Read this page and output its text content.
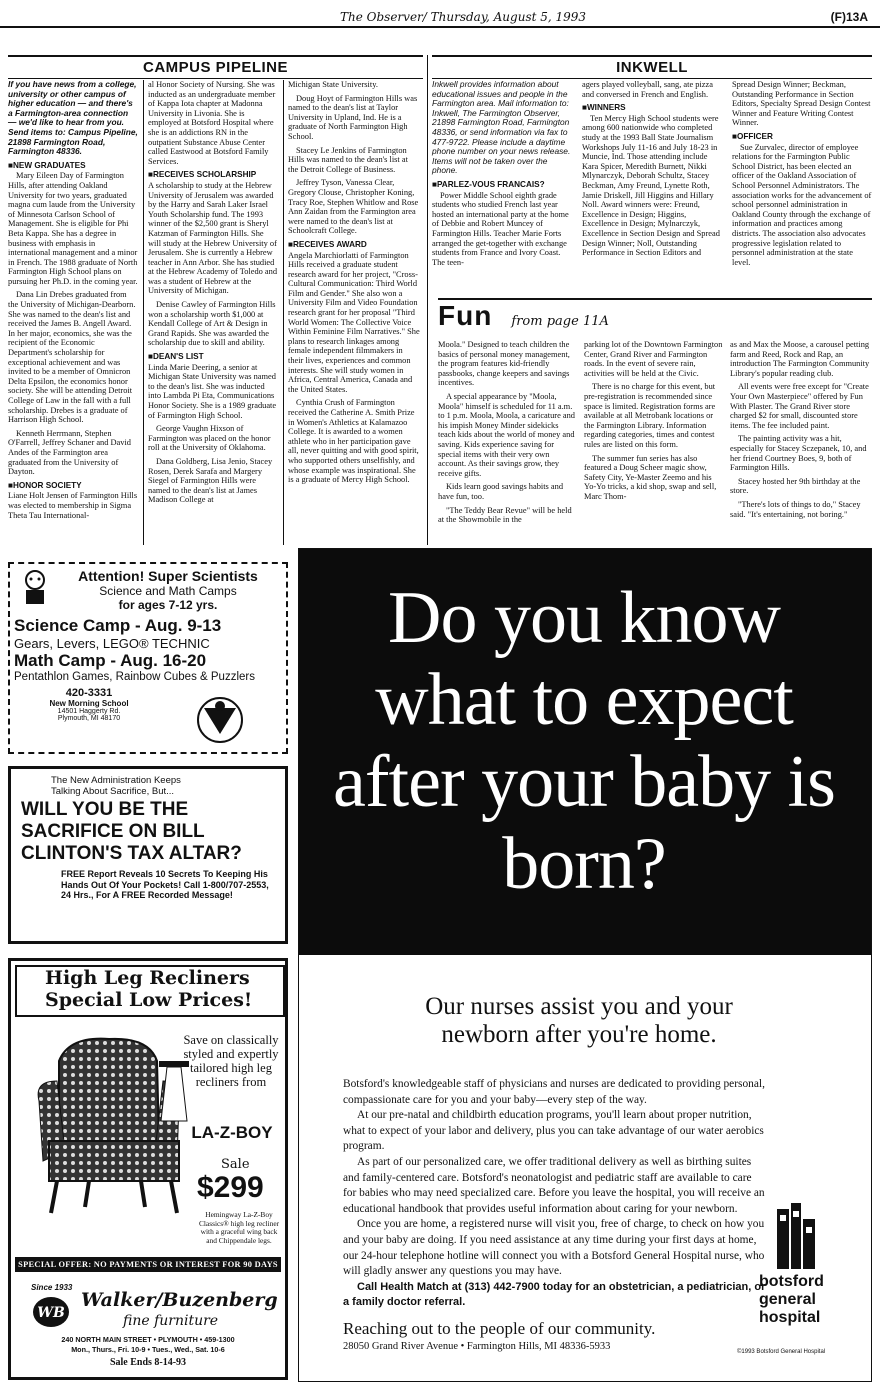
The Observer/ Thursday, August 5, 1993	(F)13A
CAMPUS PIPELINE

If you have news from a college, university or other campus of higher education — and there's a Farmington-area connection — we'd like to hear from you. Send items to: Campus Pipeline, 21898 Farmington Road, Farmington 48336.

■ NEW GRADUATES

Mary Eileen Day of Farmington Hills, after attending Oakland University for two years, graduated magna cum laude from the University of Minnesota Carlson School of Management. She is eligible for Phi Beta Kappa. She has a degree in business with emphasis in international management and a minor in French. The 1988 graduate of North Farmington High School plans on pursuing her Ph.D. in the coming year.

Dana Lin Drebes graduated from the University of Michigan-Dearborn. She was named to the dean's list and received the James B. Angell Award. In her major, economics, she was the recipient of the Economic Department's scholarship for exceptional achievement and was invited to be a member of Omnicron Delta Epsilon, the economics honor society. She will be attending Detroit College of Law in the fall with a full scholarship. Drebes is a graduate of Harrison High School.

Kenneth Herrmann, Stephen O'Farrell, Jeffrey Schaner and David Andes of the Farmington area graduated from the University of Dayton.

■ HONOR SOCIETY

Liane Holt Jensen of Farmington Hills was elected to membership in Sigma Theta Tau International-

al Honor Society of Nursing. She was inducted as an undergraduate member of Kappa Iota chapter at Madonna University in Livonia. She is employed at Botsford Hospital where she is an addictions RN in the outpatient Substance Abuse Center called Eastwood at Botsford Family Services.

■ RECEIVES SCHOLARSHIP

A scholarship to study at the Hebrew University of Jerusalem was awarded by the Harry and Sarah Laker Israel Youth Scholarship fund. The 1993 winner of the $2,500 grant is Sheryl Katzman of Farmington Hills. She will study at the Hebrew University of Jerusalem. She is currently a Hebrew teacher in Ann Arbor. She has studied at the Hebrew Academy of Toledo and was a student of Hebrew at the University of Michigan.

Denise Cawley of Farmington Hills won a scholarship worth $1,000 at Kendall College of Art & Design in Grand Rapids. She was awarded the scholarship due to skill and ability.

■ DEAN'S LIST

Linda Marie Deering, a senior at Michigan State University was named to the dean's list. She was inducted into Lambda Pi Eta, Communications Honor Society. She is a 1989 graduate of Farmington High School.

George Vaughn Hixson of Farmington was placed on the honor roll at the University of Oklahoma.

Dana Goldberg, Lisa Jenio, Stacey Rosen, Derek Sarafa and Margery Siegel of Farmington Hills were named to the dean's list at James Madison College at

Michigan State University.

Doug Hoyt of Farmington Hills was named to the dean's list at Taylor University in Upland, Ind. He is a graduate of North Farmington High School.

Stacey Le Jenkins of Farmington Hills was named to the dean's list at the Detroit College of Business.

Jeffrey Tyson, Vanessa Clear, Gregory Clouse, Christopher Koning, Tracy Roe, Stephen Whitlow and Rose Ann Zaidan from the Farmington area were named to the dean's list at Schoolcraft College.

■ RECEIVES AWARD

Angela Marchiorlatti of Farmington Hills received a graduate student research award for her project, "Cross-Cultural Communication: Third World Film and Gender." She also won a University Film and Video Foundation research grant for her proposal "Third World Women: The Collective Voice Within Feminine Film Narratives." She plans to research linkages among female independent filmmakers in their lives, experiences and common interests. She will study women in Africa, Central America, Canada and the United States.

Cynthia Crush of Farmington received the Catherine A. Smith Prize in Women's Athletics at Kalamazoo College. It is awarded to a women athlete who in her participation gave all, never quitting and with good spirit, who supported others unselfishly, and whose example was inspirational. She is a graduate of Mercy High School.

INKWELL

Inkwell provides information about educational issues and people in the Farmington area. Mail information to: Inkwell, The Farmington Observer, 21898 Farmington Road, Farmington 48336, or send information via fax to 477-9722. Please include a daytime phone number on your news release. Items will not be taken over the phone.

■ PARLEZ-VOUS FRANCAIS?

Power Middle School eighth grade students who studied French last year hosted an international party at the home of Debbie and Robert Muncey of Farmington Hills. Teacher Marie Forts arranged the get-together with exchange students from France and Ivory Coast. The teen-

agers played volleyball, sang, ate pizza and conversed in French and English.

■ WINNERS

Ten Mercy High School students were among 600 nationwide who completed study at the 1993 Ball State Journalism Workshops July 11-16 and July 18-23 in Muncie, Ind. Those attending include Kara Spicer, Meredith Burnett, Nikki Mlynarczyk, Deborah Schultz, Stacey Beckman, Amy Freund, Lynette Roth, Jamie Driskell, Jill Higgins and Hillary Noll. Award winners were: Freund, Excellence in Design; Higgins, Excellence in Design; Mylnarczyk, Excellence in Section Design and Spread Design Winner; Noll, Outstanding Performance in Section Editors and

Spread Design Winner; Beckman, Outstanding Performance in Section Editors, Specialty Spread Design Contest Winner and Feature Writing Contest Winner.

■ OFFICER

Sue Zurvalec, director of employee relations for the Farmington Public School District, has been elected an officer of the Oakland Association of School Personnel Administrators. The association works for the advancement of school personnel administration in Oakland County through the exchange of information and practices among districts. The association also advocates progressive legislation related to personnel administration at the state level.

Fun from page 11A

Moola." Designed to teach children the basics of personal money management, the program features kid-friendly passbooks, change keepers and savings incentives.

A special appearance by "Moola, Moola" himself is scheduled for 11 a.m. to 1 p.m. Moola, Moola, a caricature and his impish Money Minder sidekicks teach kids about the world of money and saving. Kids experience saving for special items with their very own account. As their savings grow, they receive gifts.

Kids learn good savings habits and have fun, too.

"The Teddy Bear Revue" will be held at the Showmobile in the

parking lot of the Downtown Farmington Center, Grand River and Farmington roads. In the event of severe rain, activities will be held at the Civic.

There is no charge for this event, but pre-registration is recommended since space is limited. Registration forms are available at all Metrobank locations or the Farmington Library. Information regarding categories, times and contest rules are listed on this form.

The summer fun series has also featured a Doug Scheer magic show, Safety City, Ye-Master Zeemo and his Yo-Yo tricks, a kid shop, swap and sell, Marc Thom-

as and Max the Moose, a carousel petting farm and Reed, Rock and Rap, an introduction The Farmington Community Library's popular reading club.

All events were free except for "Create Your Own Masterpiece" offered by Fun With Plaster. The Grand River store charged $2 for small, discounted store items. The fee included paint.

The painting activity was a hit, especially for Stacey Sczepanek, 10, and her friend Courtney Boes, 9, both of Farmington Hills.

Stacey hosted her 9th birthday at the store.

"There's lots of things to do," Stacey said. "It's entertaining, not boring."

Attention! Super Scientists
Science and Math Camps
for ages 7-12 yrs.
Science Camp - Aug. 9-13
Gears, Levers, LEGO® TECHNIC
Math Camp - Aug. 16-20
Pentathlon Games, Rainbow Cubes & Puzzlers
420-3331
New Morning School
14501 Haggerty Rd.
Plymouth, MI 48170
The New Administration Keeps
Talking About Sacrifice, But...
WILL YOU BE THE SACRIFICE ON BILL CLINTON'S TAX ALTAR?
FREE Report Reveals 10 Secrets To Keeping His Hands Out Of Your Pockets! Call 1-800/707-2553, 24 Hrs., For A FREE Recorded Message!
High Leg Recliners
Special Low Prices!
Save on classically styled and expertly tailored high leg recliners from
LA-Z-BOY
Sale
$299
Hemingway La-Z-Boy Classics® high leg recliner with a graceful wing back and Chippendale legs.
SPECIAL OFFER: NO PAYMENTS OR INTEREST FOR 90 DAYS
Since 1933
WB
Walker/Buzenberg
fine furniture
240 NORTH MAIN STREET • PLYMOUTH • 459-1300
Mon., Thurs., Fri. 10-9 • Tues., Wed., Sat. 10-6
Sale Ends 8-14-93
Do you know what to expect after your baby is born?
Our nurses assist you and your newborn after you're home.

Botsford's knowledgeable staff of physicians and nurses are dedicated to providing personal, compassionate care for you and your baby—every step of the way.

At our pre-natal and childbirth education programs, you'll learn about proper nutrition, what to expect of your labor and delivery, plus you can take advantage of our water aerobics program.

As part of our personalized care, we offer traditional delivery as well as birthing suites and family-centered care. Botsford's neonatologist and pediatric staff are available to care for babies who may need specialized care. Before you leave the hospital, you will receive an educational handbook that provides useful information about caring for your newborn.

Once you are home, a registered nurse will visit you, free of charge, to check on how you and your baby are doing. If you need assistance at any time during your first days at home, our 24-hour telephone hotline will connect you with a Botsford General Hospital nurse, who will gladly answer any questions you may have.

Call Health Match at (313) 442-7900 today for an obstetrician, a pediatrician, or a family doctor referral.

Reaching out to the people of our community.
28050 Grand River Avenue • Farmington Hills, MI 48336-5933
botsford
general
hospital
©1993 Botsford General Hospital
